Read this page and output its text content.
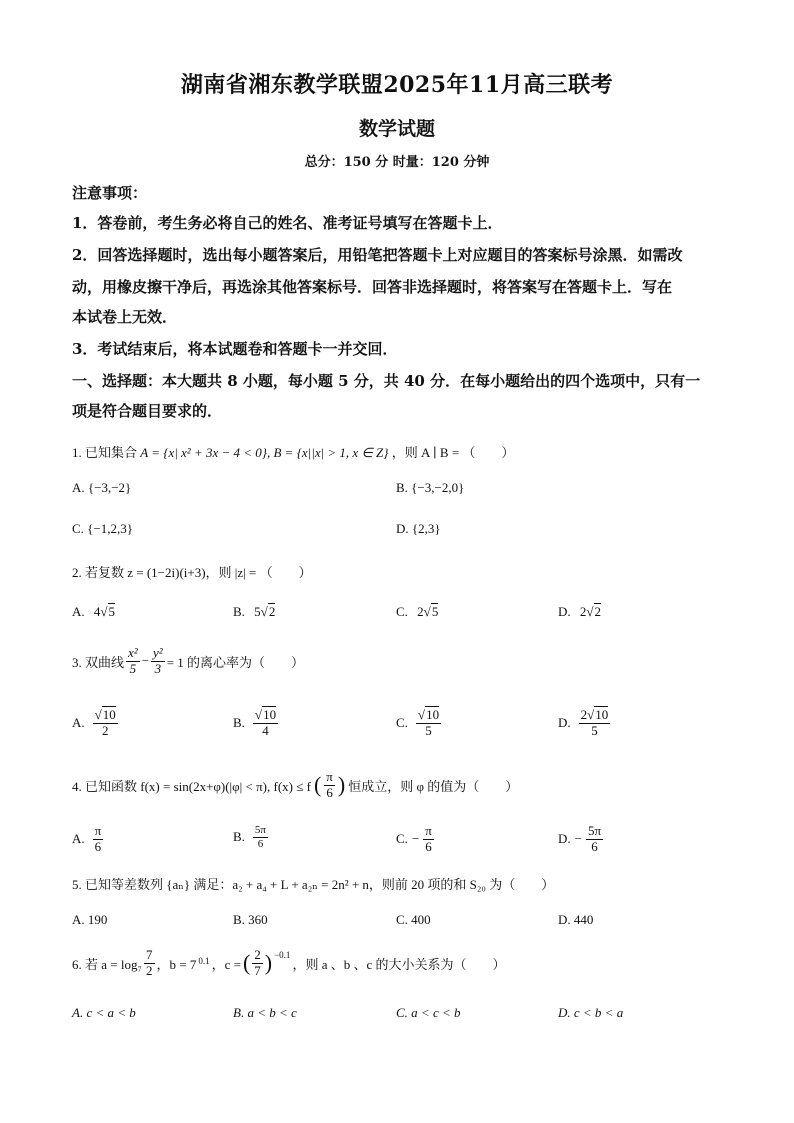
湖南省湘东教学联盟2025年11月高三联考
数学试题
总分：150 分 时量：120 分钟
注意事项：
1．答卷前，考生务必将自己的姓名、准考证号填写在答题卡上．
2．回答选择题时，选出每小题答案后，用铅笔把答题卡上对应题目的答案标号涂黑．如需改
动，用橡皮擦干净后，再选涂其他答案标号．回答非选择题时，将答案写在答题卡上．写在
本试卷上无效．
3．考试结束后，将本试题卷和答题卡一并交回．
一、选择题：本大题共 8 小题，每小题 5 分，共 40 分．在每小题给出的四个选项中，只有一
项是符合题目要求的．
1. 已知集合 A = {x| x² + 3x − 4 < 0}, B = {x||x| > 1, x ∈ Z} ，则 A ∣ B = （　　）
A. {−3,−2}	B. {−3,−2,0}
C. {−1,2,3}	D. {2,3}
2. 若复数 z = (1−2i)(i+3)，则 |z| = （　　）
A. 4√5	B. 5√2	C. 2√5	D. 2√2
3. 双曲线 $\frac{\text{x²}}{5} - \frac{\text{y²}}{3} = 1$ 的离心率为（　　）
A. $\frac{√10}{2}$	B. $\frac{√10}{4}$	C. $\frac{√10}{5}$	D. $\frac{2√10}{5}$
4. 已知函数 f(x) = sin(2x+φ)(|φ| < π), f(x) ≤ f ( $\frac{\pi}{6}$ ) 恒成立，则 φ 的值为（　　）
A. $\frac{\pi}{6}$	B. $\frac{5\pi}{6}$	C. − $\frac{\pi}{6}$	D. − $\frac{5\pi}{6}$
5. 已知等差数列 {aₙ} 满足：a₂ + a₄ + L + a₂ₙ = 2n² + n，则前 20 项的和 S₂₀ 为（　　）
A. 190	B. 360	C. 400	D. 440
6. 若 $a = \log_7 \frac{7}{2}$ ，b = 7 0.1 ，c = ( $\frac{2}{7} )^{-0.1}$
，则 a 、b 、c 的大小关系为（　　）
A. c < a < b	B. a < b < c	C. a < c < b	D. c < b < a
